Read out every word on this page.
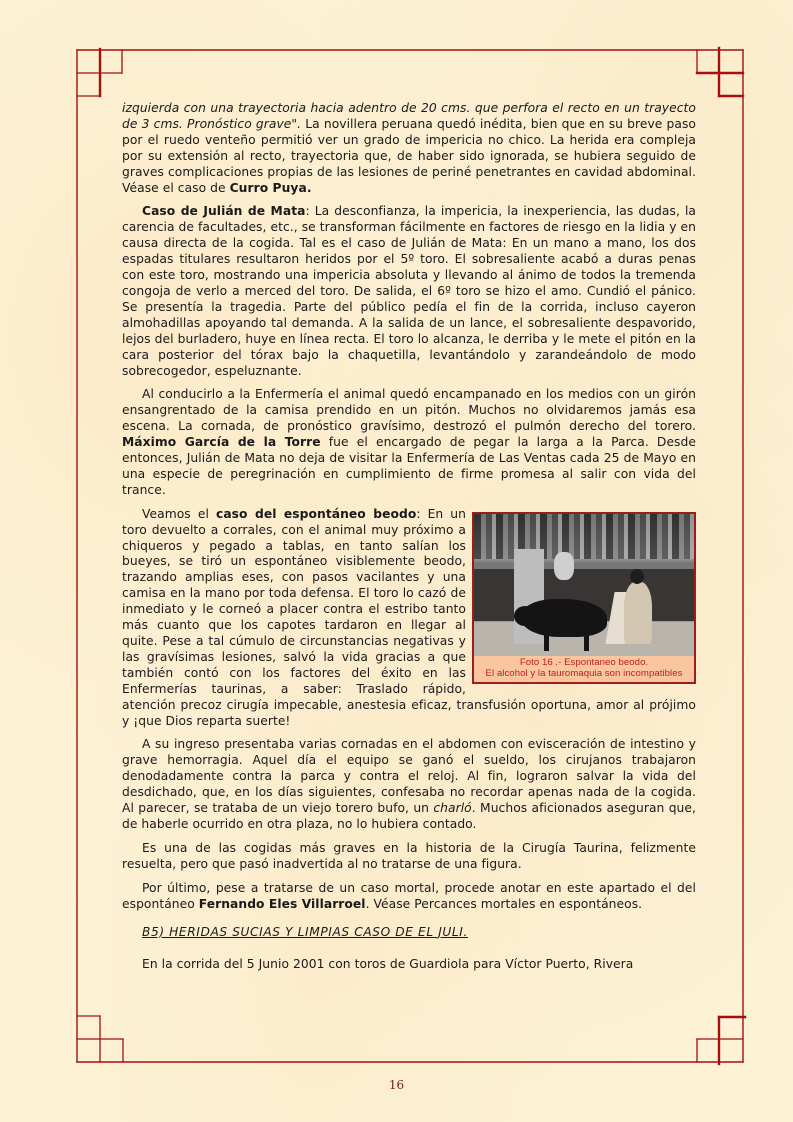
izquierda con una trayectoria hacia adentro de 20 cms. que perfora el recto en un trayecto de 3 cms. Pronóstico grave". La novillera peruana quedó inédita, bien que en su breve paso por el ruedo venteño permitió ver un grado de impericia no chico. La herida era compleja por su extensión al recto, trayectoria que, de haber sido ignorada, se hubiera seguido de graves complicaciones propias de las lesiones de periné penetrantes en cavidad abdominal. Véase el caso de Curro Puya.

Caso de Julián de Mata: La desconfianza, la impericia, la inexperiencia, las dudas, la carencia de facultades, etc., se transforman fácilmente en factores de riesgo en la lidia y en causa directa de la cogida. Tal es el caso de Julián de Mata: En un mano a mano, los dos espadas titulares resultaron heridos por el 5º toro. El sobresaliente acabó a duras penas con este toro, mostrando una impericia absoluta y llevando al ánimo de todos la tremenda congoja de verlo a merced del toro. De salida, el 6º toro se hizo el amo. Cundió el pánico. Se presentía la tragedia. Parte del público pedía el fin de la corrida, incluso cayeron almohadillas apoyando tal demanda. A la salida de un lance, el sobresaliente despavorido, lejos del burladero, huye en línea recta. El toro lo alcanza, le derriba y le mete el pitón en la cara posterior del tórax bajo la chaquetilla, levantándolo y zarandeándolo de modo sobrecogedor, espeluznante.

Al conducirlo a la Enfermería el animal quedó encampanado en los medios con un girón ensangrentado de la camisa prendido en un pitón. Muchos no olvidaremos jamás esa escena. La cornada, de pronóstico gravísimo, destrozó el pulmón derecho del torero. Máximo García de la Torre fue el encargado de pegar la larga a la Parca. Desde entonces, Julián de Mata no deja de visitar la Enfermería de Las Ventas cada 25 de Mayo en una especie de peregrinación en cumplimiento de firme promesa al salir con vida del trance.

Foto 16 .- Espontaneo beodo.
El alcohol y la tauromaquia son incompatibles

Veamos el caso del espontáneo beodo: En un toro devuelto a corrales, con el animal muy próximo a chiqueros y pegado a tablas, en tanto salían los bueyes, se tiró un espontáneo visiblemente beodo, trazando amplias eses, con pasos vacilantes y una camisa en la mano por toda defensa. El toro lo cazó de inmediato y le corneó a placer contra el estribo tanto más cuanto que los capotes tardaron en llegar al quite. Pese a tal cúmulo de circunstancias negativas y las gravísimas lesiones, salvó la vida gracias a que también contó con los factores del éxito en las Enfermerías taurinas, a saber: Traslado rápido, atención precoz cirugía impecable, anestesia eficaz, transfusión oportuna, amor al prójimo y ¡que Dios reparta suerte!

A su ingreso presentaba varias cornadas en el abdomen con evisceración de intestino y grave hemorragia. Aquel día el equipo se ganó el sueldo, los cirujanos trabajaron denodadamente contra la parca y contra el reloj. Al fin, lograron salvar la vida del desdichado, que, en los días siguientes, confesaba no recordar apenas nada de la cogida. Al parecer, se trataba de un viejo torero bufo, un charló. Muchos aficionados aseguran que, de haberle ocurrido en otra plaza, no lo hubiera contado.

Es una de las cogidas más graves en la historia de la Cirugía Taurina, felizmente resuelta, pero que pasó inadvertida al no tratarse de una figura.

Por último, pese a tratarse de un caso mortal, procede anotar en este apartado el del espontáneo Fernando Eles Villarroel. Véase Percances mortales en espontáneos.

B5) HERIDAS SUCIAS Y LIMPIAS CASO DE EL JULI.

En la corrida del 5 Junio 2001 con toros de Guardiola para Víctor Puerto, Rivera

16
